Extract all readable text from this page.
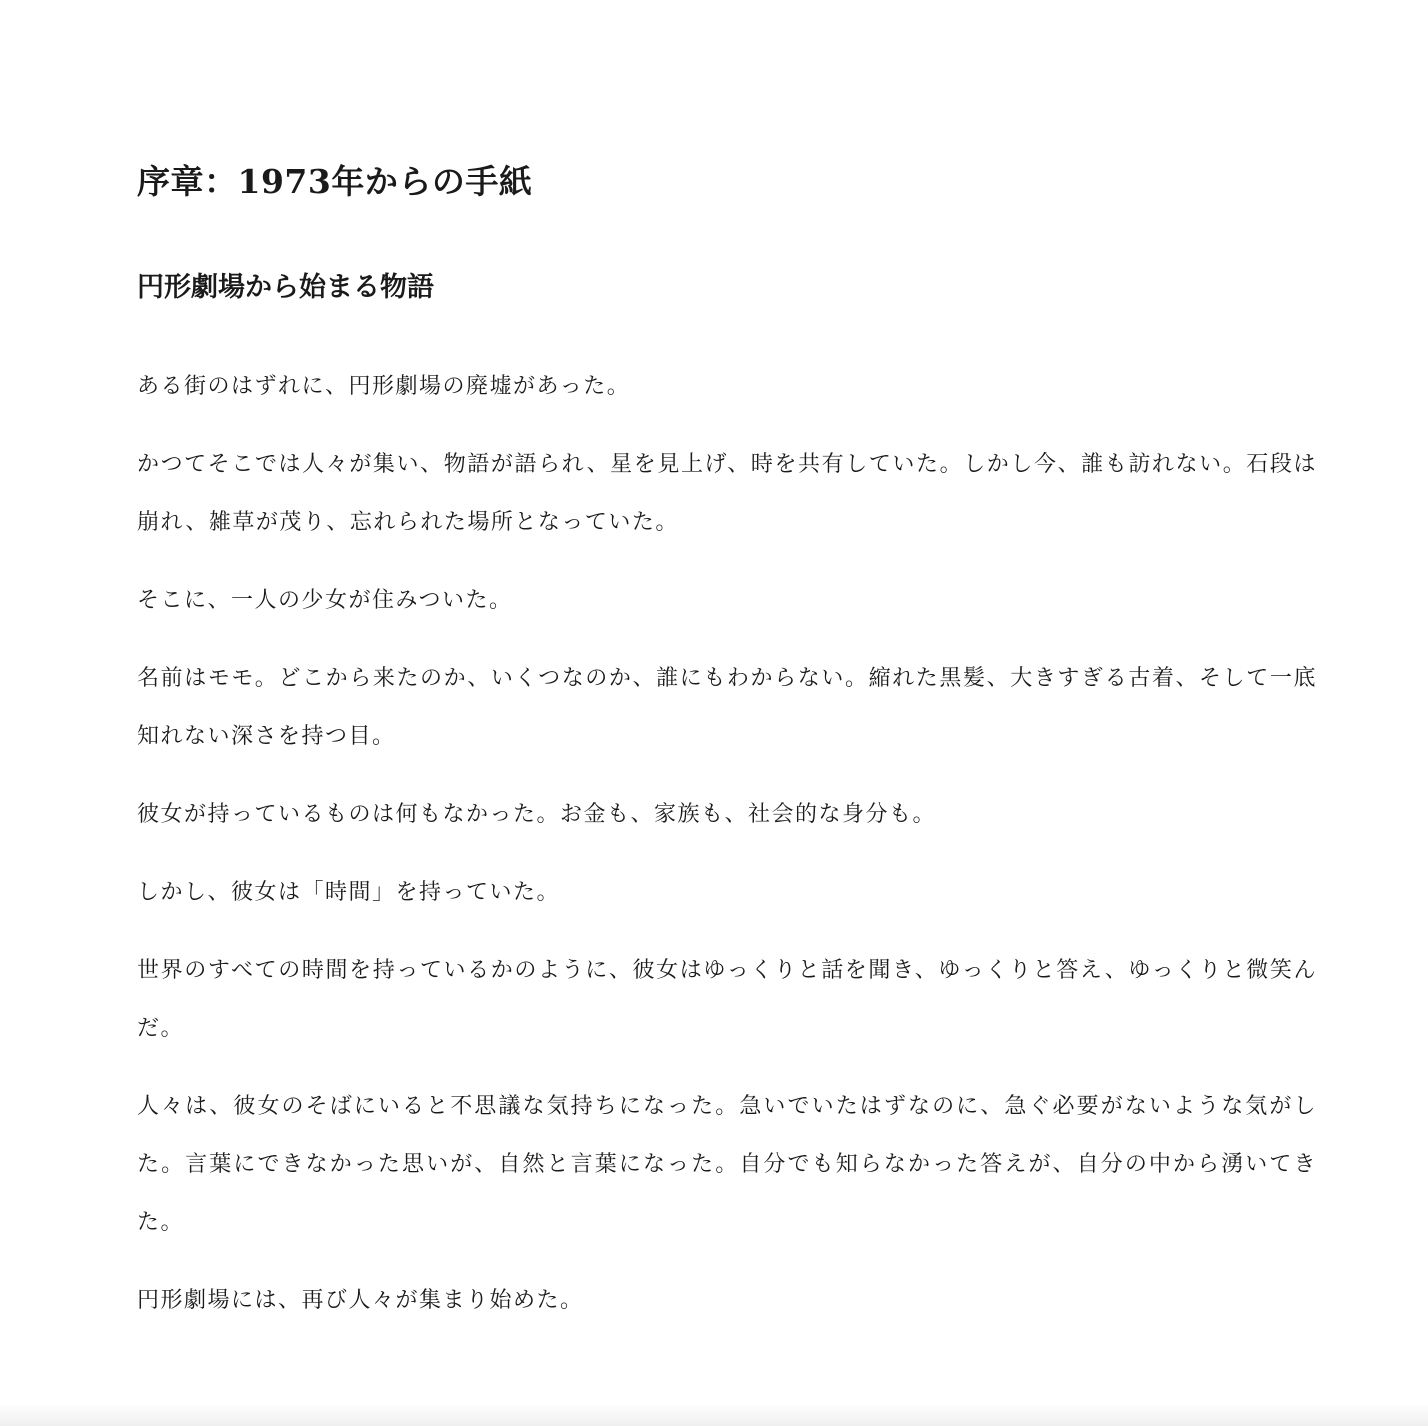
序章：1973年からの手紙
円形劇場から始まる物語

ある街のはずれに、円形劇場の廃墟があった。

かつてそこでは人々が集い、物語が語られ、星を見上げ、時を共有していた。しかし今、誰も訪れない。石段は崩れ、雑草が茂り、忘れられた場所となっていた。

そこに、一人の少女が住みついた。

名前はモモ。どこから来たのか、いくつなのか、誰にもわからない。縮れた黒髪、大きすぎる古着、そして一底知れない深さを持つ目。

彼女が持っているものは何もなかった。お金も、家族も、社会的な身分も。

しかし、彼女は「時間」を持っていた。

世界のすべての時間を持っているかのように、彼女はゆっくりと話を聞き、ゆっくりと答え、ゆっくりと微笑んだ。

人々は、彼女のそばにいると不思議な気持ちになった。急いでいたはずなのに、急ぐ必要がないような気がした。言葉にできなかった思いが、自然と言葉になった。自分でも知らなかった答えが、自分の中から湧いてきた。

円形劇場には、再び人々が集まり始めた。
